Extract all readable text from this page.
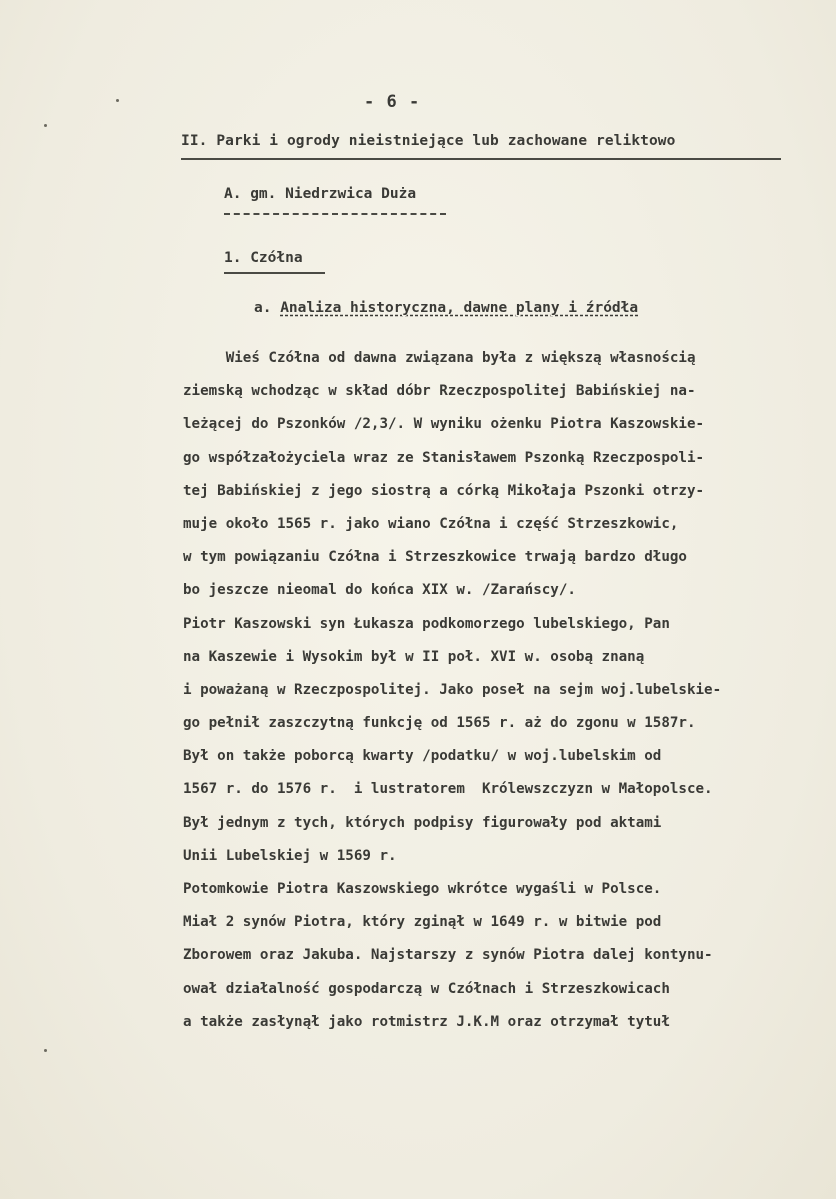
- 6 -
II. Parki i ogrody nieistniejące lub zachowane reliktowo
A. gm. Niedrzwica Duża
1. Czółna
a. Analiza historyczna, dawne plany i źródła
Wieś Czółna od dawna związana była z większą własnością
ziemską wchodząc w skład dóbr Rzeczpospolitej Babińskiej na-
leżącej do Pszonków /2,3/. W wyniku ożenku Piotra Kaszowskie-
go współzałożyciela wraz ze Stanisławem Pszonką Rzeczpospoli-
tej Babińskiej z jego siostrą a córką Mikołaja Pszonki otrzy-
muje około 1565 r. jako wiano Czółna i część Strzeszkowic,
w tym powiązaniu Czółna i Strzeszkowice trwają bardzo długo
bo jeszcze nieomal do końca XIX w. /Zarańscy/.
Piotr Kaszowski syn Łukasza podkomorzego lubelskiego, Pan
na Kaszewie i Wysokim był w II poł. XVI w. osobą znaną
i poważaną w Rzeczpospolitej. Jako poseł na sejm woj.lubelskie-
go pełnił zaszczytną funkcję od 1565 r. aż do zgonu w 1587r.
Był on także poborcą kwarty /podatku/ w woj.lubelskim od
1567 r. do 1576 r.  i lustratorem  Królewszczyzn w Małopolsce.
Był jednym z tych, których podpisy figurowały pod aktami
Unii Lubelskiej w 1569 r.
Potomkowie Piotra Kaszowskiego wkrótce wygaśli w Polsce.
Miał 2 synów Piotra, który zginął w 1649 r. w bitwie pod
Zborowem oraz Jakuba. Najstarszy z synów Piotra dalej kontynu-
ował działalność gospodarczą w Czółnach i Strzeszkowicach
a także zasłynął jako rotmistrz J.K.M oraz otrzymał tytuł
